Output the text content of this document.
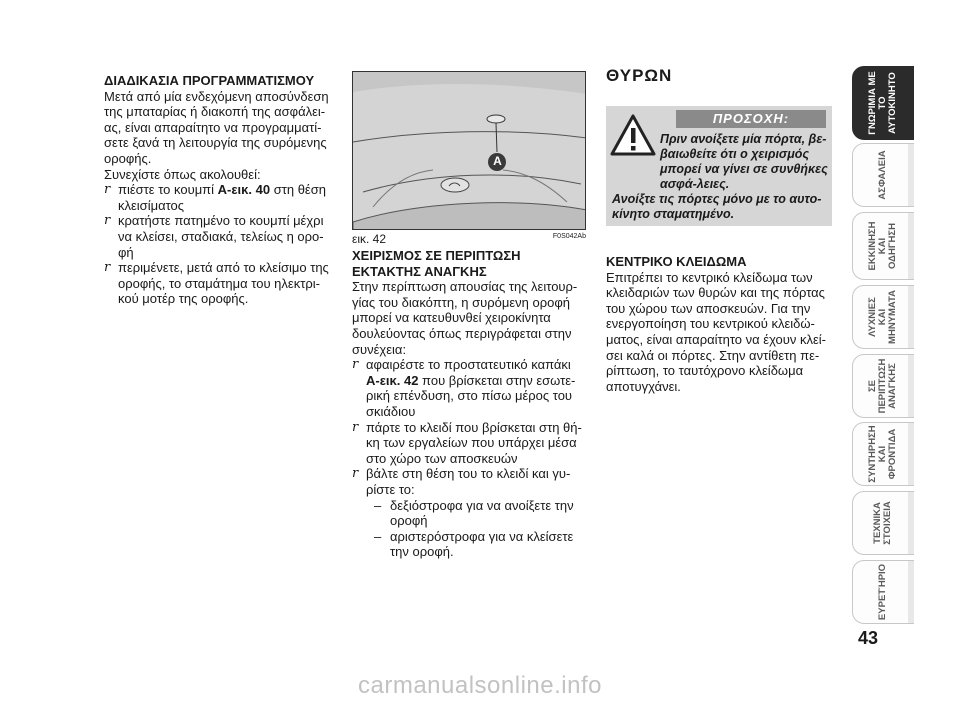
ΔΙΑΔΙΚΑΣΙΑ ΠΡΟΓΡΑΜΜΑΤΙΣΜΟΥ

Μετά από μία ενδεχόμενη αποσύνδεση της μπαταρίας ή διακοπή της ασφάλει-ας, είναι απαραίτητο να προγραμματί-σετε ξανά τη λειτουργία της συρόμενης οροφής.

Συνεχίστε όπως ακολουθεί:

r πιέστε το κουμπί A-εικ. 40 στη θέση κλεισίματος
r κρατήστε πατημένο το κουμπί μέχρι να κλείσει, σταδιακά, τελείως η ορο-φή
r περιμένετε, μετά από το κλείσιμο της οροφής, το σταμάτημα του ηλεκτρι-κού μοτέρ της οροφής.
A
εικ. 42	F0S042Ab

ΧΕΙΡΙΣΜΟΣ ΣΕ ΠΕΡΙΠΤΩΣΗ

ΕΚΤΑΚΤΗΣ ΑΝΑΓΚΗΣ

Στην περίπτωση απουσίας της λειτουρ-γίας του διακόπτη, η συρόμενη οροφή μπορεί να κατευθυνθεί χειροκίνητα δουλεύοντας όπως περιγράφεται στην συνέχεια:

r αφαιρέστε το προστατευτικό καπάκι A-εικ. 42 που βρίσκεται στην εσωτε-ρική επένδυση, στο πίσω μέρος του σκιάδιου
r πάρτε το κλειδί που βρίσκεται στη θή-κη των εργαλείων που υπάρχει μέσα στο χώρο των αποσκευών
r βάλτε στη θέση του το κλειδί και γυ-ρίστε το:
– δεξιόστροφα για να ανοίξετε την οροφή
– αριστερόστροφα για να κλείσετε την οροφή.
ΘΥΡΩΝ
ΠΡΟΣΟΧΗ:
Πριν ανοίξετε μία πόρτα, βε-βαιωθείτε ότι ο χειρισμός μπορεί να γίνει σε συνθήκες ασφά-λειες.
Ανοίξτε τις πόρτες μόνο με το αυτο-κίνητο σταματημένο.

ΚΕΝΤΡΙΚΟ ΚΛΕΙΔΩΜΑ

Επιτρέπει το κεντρικό κλείδωμα των κλειδαριών των θυρών και της πόρτας του χώρου των αποσκευών. Για την ενεργοποίηση του κεντρικού κλειδώ-ματος, είναι απαραίτητο να έχουν κλεί-σει καλά οι πόρτες. Στην αντίθετη πε-ρίπτωση, το ταυτόχρονο κλείδωμα αποτυγχάνει.

ΓΝΩΡΙΜΙΑ ΜΕ
ΤΟ
ΑΥΤΟΚΙΝΗΤΟ
ΑΣΦΑΛΕΙΑ
ΕΚΚΙΝΗΣΗ
ΚΑΙ
ΟΔΗΓΗΣΗ
ΛΥΧΝΙΕΣ
ΚΑΙ
ΜΗΝΥΜΑΤΑ
ΣΕ
ΠΕΡΙΠΤΩΣΗ
ΑΝΑΓΚΗΣ
ΣΥΝΤΗΡΗΣΗ
ΚΑΙ
ΦΡΟΝΤΙΔΑ
ΤΕΧΝΙΚΑ
ΣΤΟΙΧΕΙΑ
ΕΥΡΕΤΉΡΙΟ
43
carmanualsonline.info
